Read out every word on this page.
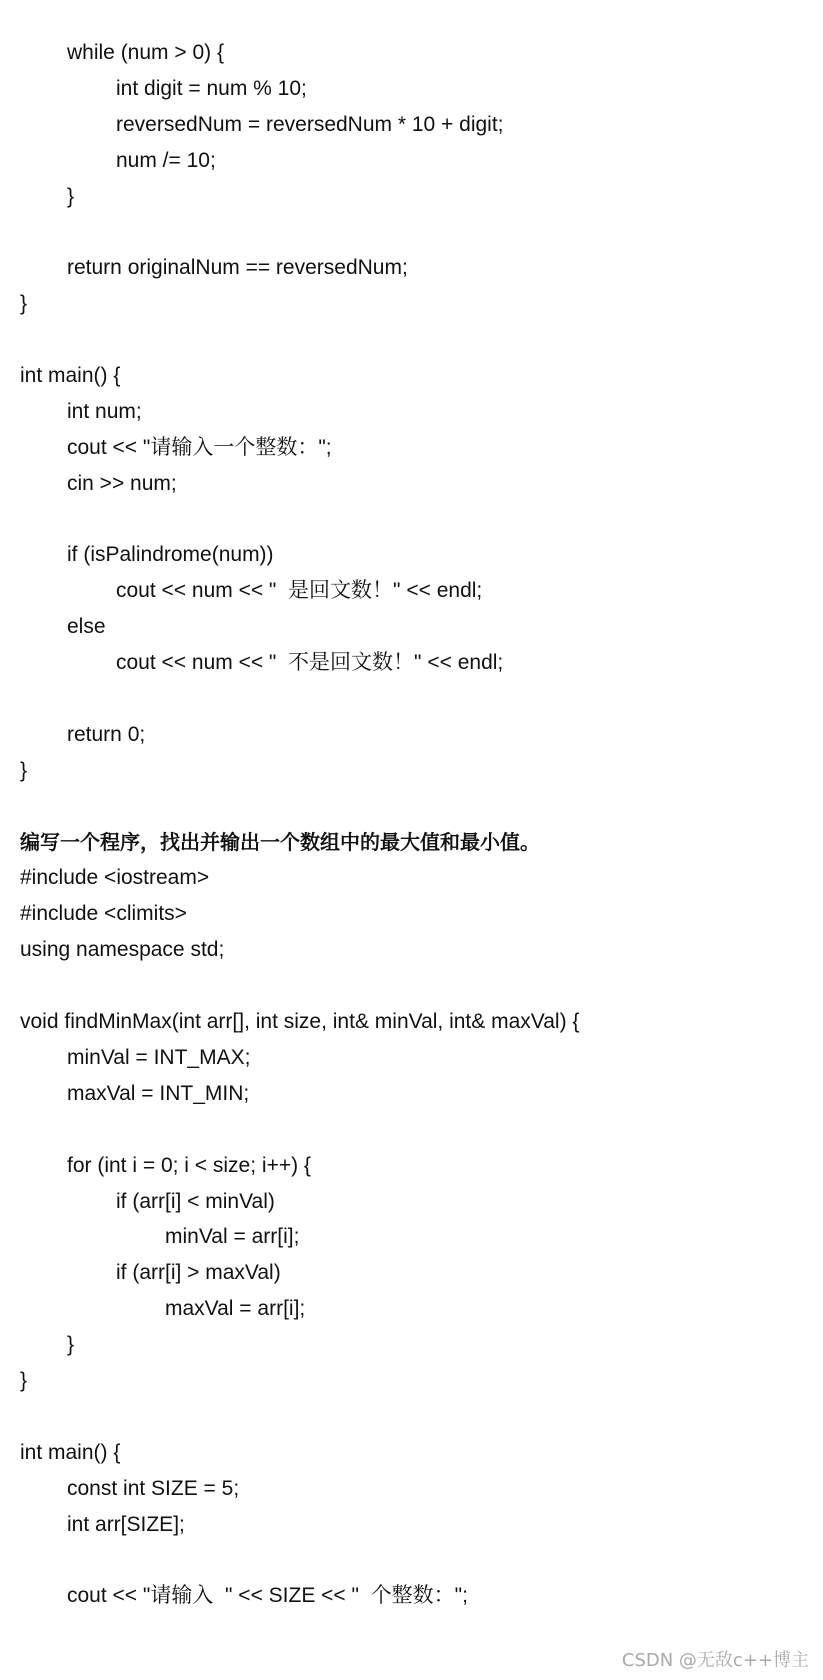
while (num > 0) {
int digit = num % 10;
reversedNum = reversedNum * 10 + digit;
num /= 10;
}
return originalNum == reversedNum;
}
int main() {
int num;
cout << "请输入一个整数：";
cin >> num;
if (isPalindrome(num))
cout << num << "  是回文数！" << endl;
else
cout << num << "  不是回文数！" << endl;
return 0;
}

编写一个程序，找出并输出一个数组中的最大值和最小值。
#include <iostream>
#include <climits>
using namespace std;
void findMinMax(int arr[], int size, int& minVal, int& maxVal) {
minVal = INT_MAX;
maxVal = INT_MIN;
for (int i = 0; i < size; i++) {
if (arr[i] < minVal)
minVal = arr[i];
if (arr[i] > maxVal)
maxVal = arr[i];
}
}
int main() {
const int SIZE = 5;
int arr[SIZE];
cout << "请输入  " << SIZE << "  个整数：";
CSDN @无敌c++博主
